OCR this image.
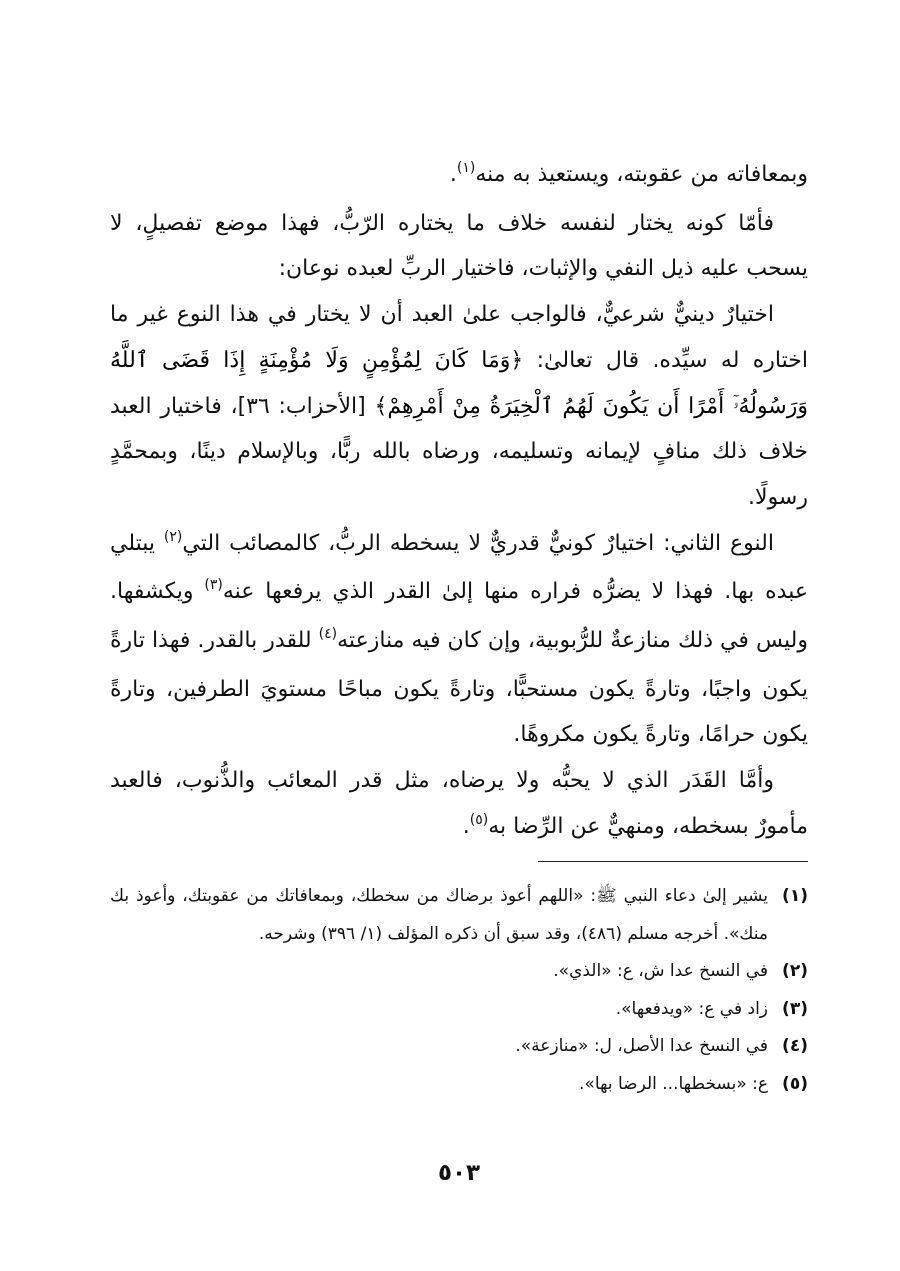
وبمعافاته من عقوبته، ويستعيذ به منه$^{(١)}$.

فأمّا كونه يختار لنفسه خلاف ما يختاره الرّبُّ، فهذا موضع تفصيلٍ، لا يسحب عليه ذيل النفي والإثبات، فاختيار الربِّ لعبده نوعان:

اختيارٌ دينيٌّ شرعيٌّ، فالواجب علىٰ العبد أن لا يختار في هذا النوع غير ما اختاره له سيِّده. قال تعالىٰ: ﴿وَمَا كَانَ لِمُؤْمِنٍ وَلَا مُؤْمِنَةٍ إِذَا قَضَى ٱللَّهُ وَرَسُولُهُۥٓ أَمْرًا أَن يَكُونَ لَهُمُ ٱلْخِيَرَةُ مِنْ أَمْرِهِمْ﴾ [الأحزاب: ٣٦]، فاختيار العبد خلاف ذلك منافٍ لإيمانه وتسليمه، ورضاه بالله ربًّا، وبالإسلام دينًا، وبمحمَّدٍ رسولًا.

النوع الثاني: اختيارٌ كونيٌّ قدريٌّ لا يسخطه الربُّ، كالمصائب التي$^{(٢)}$ يبتلي عبده بها. فهذا لا يضرُّه فراره منها إلىٰ القدر الذي يرفعها عنه$^{(٣)}$ ويكشفها. وليس في ذلك منازعةٌ للرُّبوبية، وإن كان فيه منازعته$^{(٤)}$ للقدر بالقدر. فهذا تارةً يكون واجبًا، وتارةً يكون مستحبًّا، وتارةً يكون مباحًا مستويَ الطرفين، وتارةً يكون حرامًا، وتارةً يكون مكروهًا.

وأمَّا القَدَر الذي لا يحبُّه ولا يرضاه، مثل قدر المعائب والذُّنوب، فالعبد مأمورٌ بسخطه، ومنهيٌّ عن الرِّضا به$^{(٥)}$.

(١)
يشير إلىٰ دعاء النبي ﷺ: «اللهم أعوذ برضاك من سخطك، وبمعافاتك من عقوبتك، وأعوذ بك منك». أخرجه مسلم (٤٨٦)، وقد سبق أن ذكره المؤلف (١/ ٣٩٦) وشرحه.
(٢)
في النسخ عدا ش، ع: «الذي».
(٣)
زاد في ع: «ويدفعها».
(٤)
في النسخ عدا الأصل، ل: «منازعة».
(٥)
ع: «بسخطها... الرضا بها».
٥٠٣
